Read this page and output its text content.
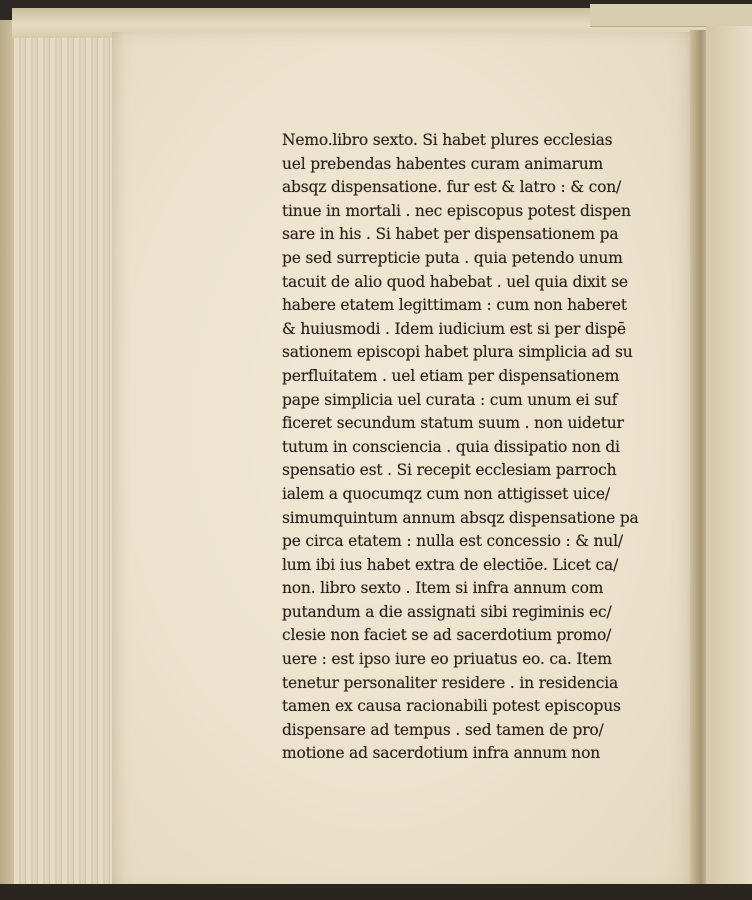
Nemo.libro sexto. Si habet plures ecclesias
uel prebendas habentes curam animarum
absqz dispensatione. fur est & latro : & con/
tinue in mortali . nec episcopus potest dispen
sare in his . Si habet per dispensationem pa
pe sed surrepticie puta . quia petendo unum
tacuit de alio quod habebat . uel quia dixit se
habere etatem legittimam : cum non haberet
& huiusmodi . Idem iudicium est si per dispē
sationem episcopi habet plura simplicia ad su
perfluitatem . uel etiam per dispensationem
pape simplicia uel curata : cum unum ei suf
ficeret secundum statum suum . non uidetur
tutum in consciencia . quia dissipatio non di
spensatio est . Si recepit ecclesiam parroch
ialem a quocumqz cum non attigisset uice/
simumquintum annum absqz dispensatione pa
pe circa etatem : nulla est concessio : & nul/
lum ibi ius habet extra de electiōe. Licet ca/
non. libro sexto . Item si infra annum com
putandum a die assignati sibi regiminis ec/
clesie non faciet se ad sacerdotium promo/
uere : est ipso iure eo priuatus eo. ca. Item
tenetur personaliter residere . in residencia
tamen ex causa racionabili potest episcopus
dispensare ad tempus . sed tamen de pro/
motione ad sacerdotium infra annum non
